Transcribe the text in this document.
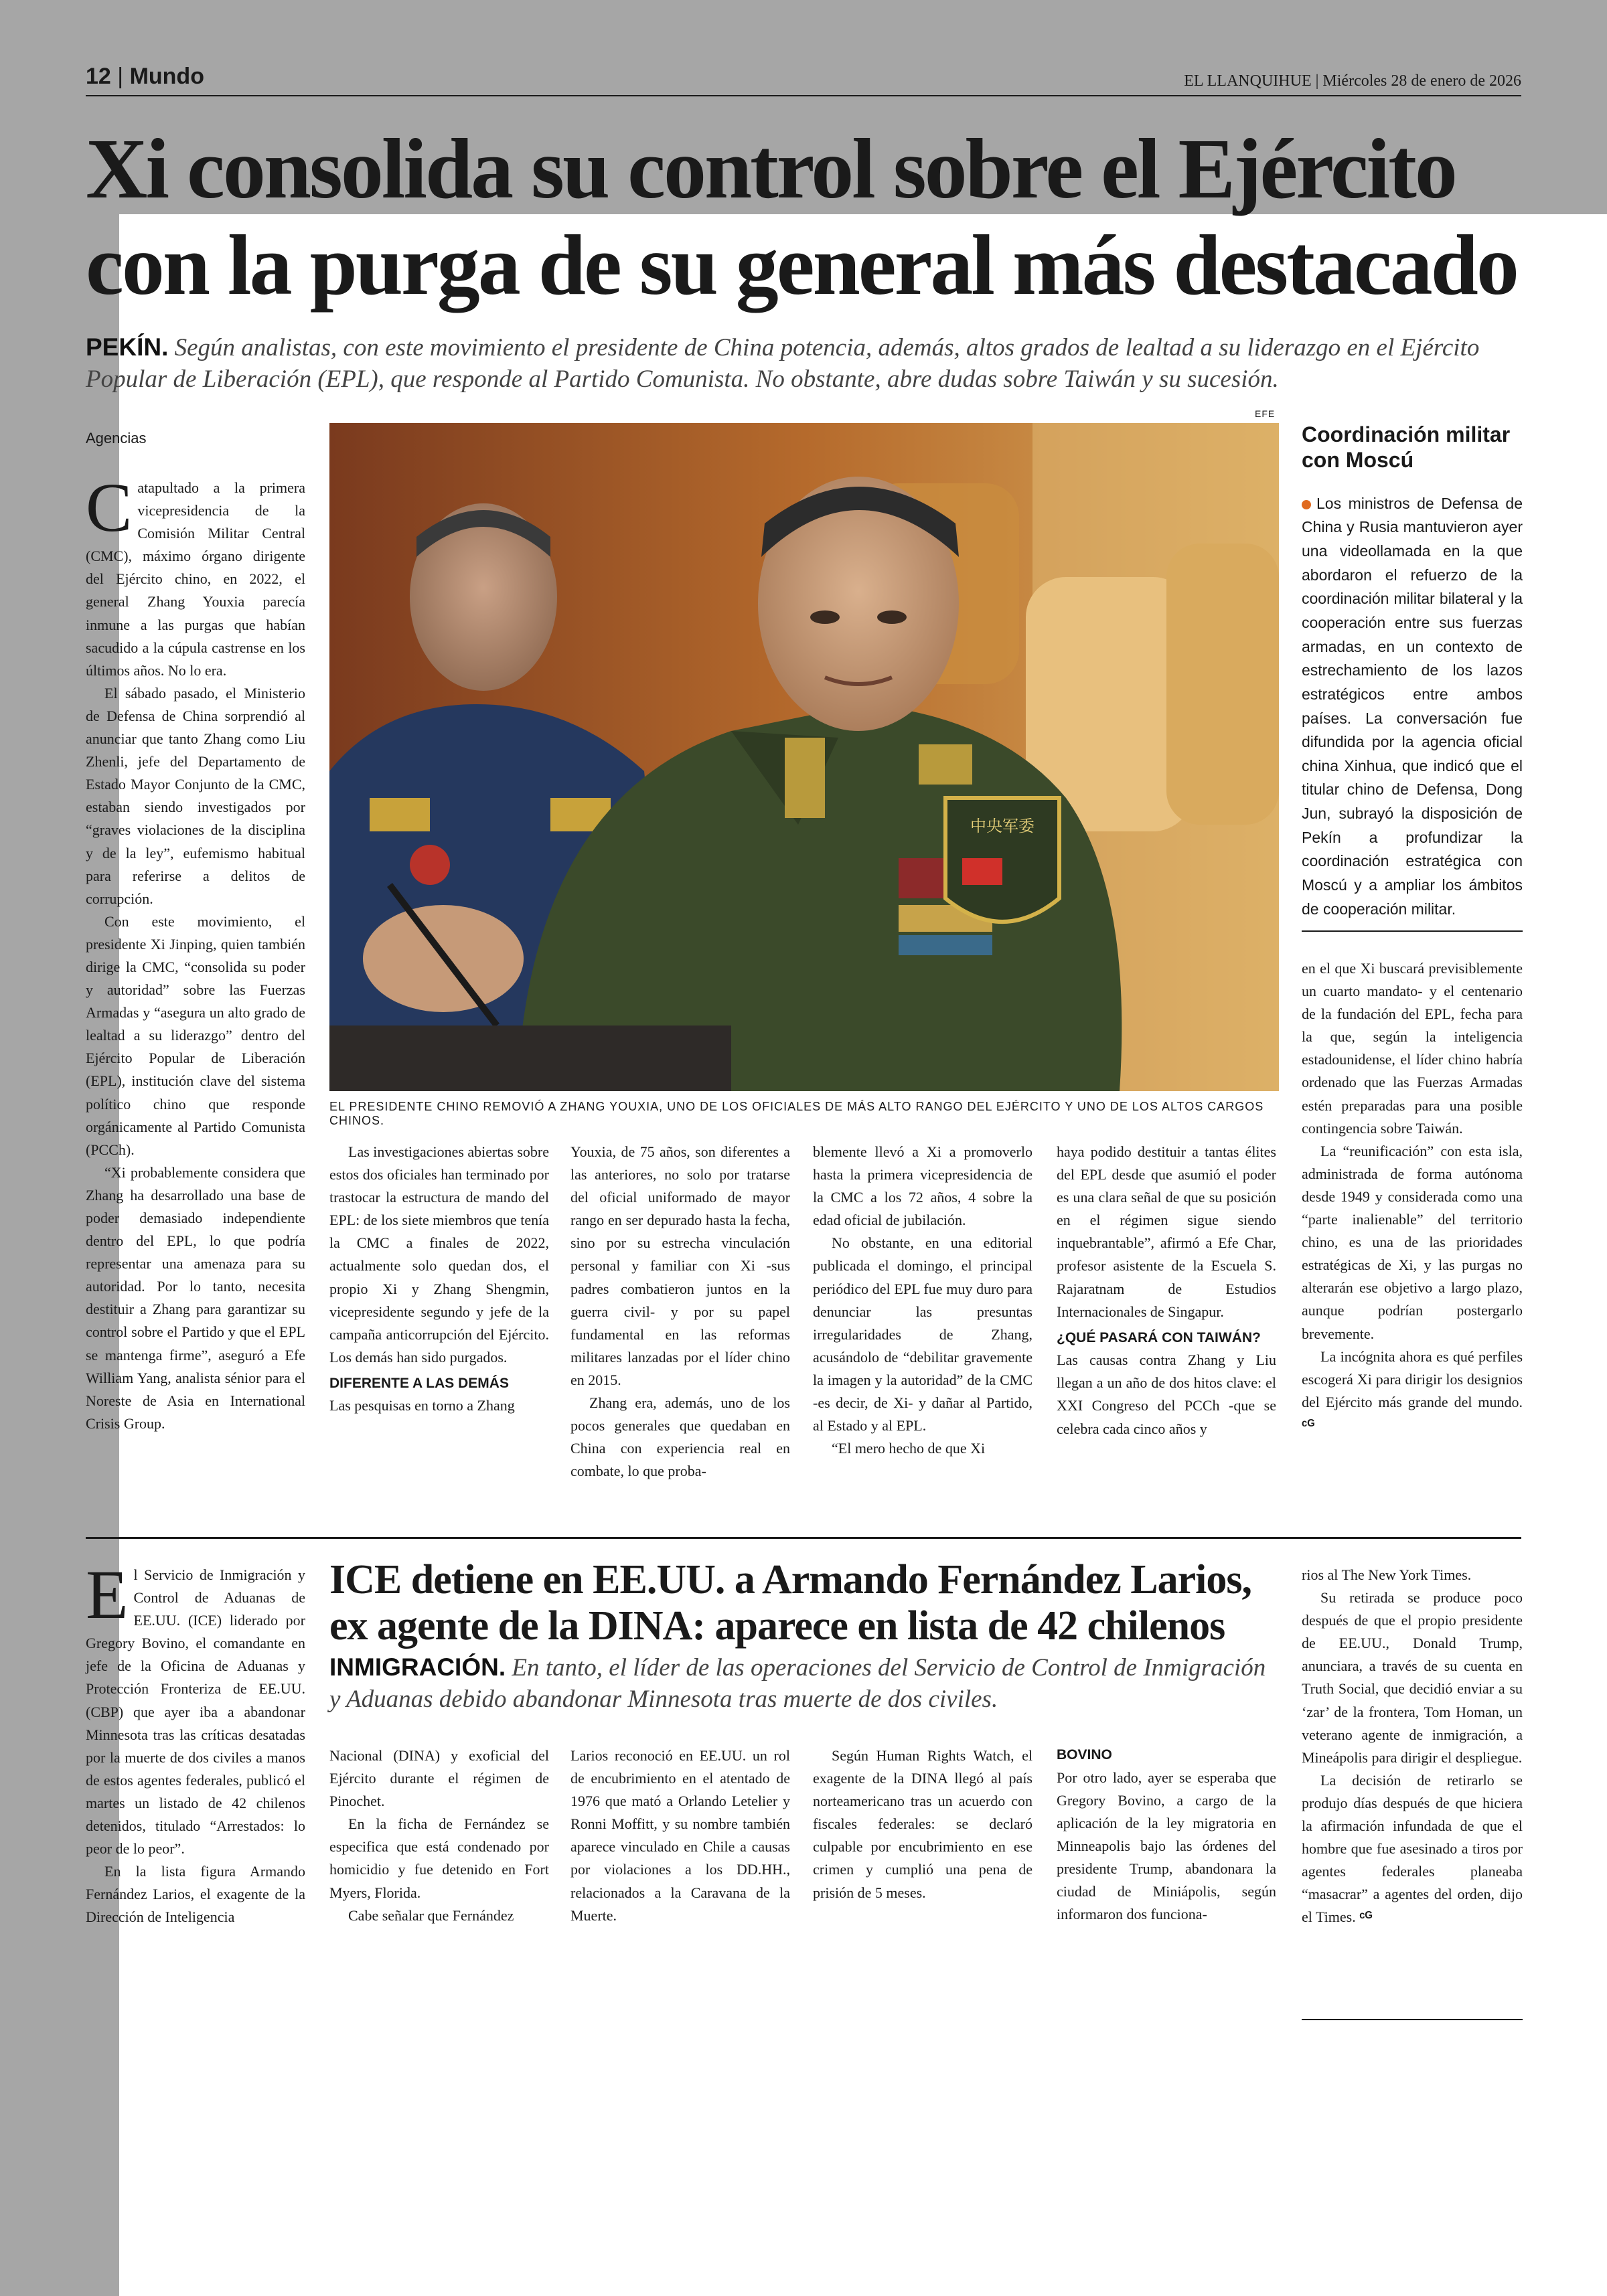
12 | Mundo	EL LLANQUIHUE | Miércoles 28 de enero de 2026
Xi consolida su control sobre el Ejército
con la purga de su general más destacado
PEKÍN. Según analistas, con este movimiento el presidente de China potencia, además, altos grados de lealtad a su liderazgo en el Ejército Popular de Liberación (EPL), que responde al Partido Comunista. No obstante, abre dudas sobre Taiwán y su sucesión.
Agencias
EFE
中央军委
EL PRESIDENTE CHINO REMOVIÓ A ZHANG YOUXIA, UNO DE LOS OFICIALES DE MÁS ALTO RANGO DEL EJÉRCITO Y UNO DE LOS ALTOS CARGOS CHINOS.

Catapultado a la primera vicepresidencia de la Comisión Militar Central (CMC), máximo órgano dirigente del Ejército chino, en 2022, el general Zhang Youxia parecía inmune a las purgas que habían sacudido a la cúpula castrense en los últimos años. No lo era.

El sábado pasado, el Ministerio de Defensa de China sorprendió al anunciar que tanto Zhang como Liu Zhenli, jefe del Departamento de Estado Mayor Conjunto de la CMC, estaban siendo investigados por “graves violaciones de la disciplina y de la ley”, eufemismo habitual para referirse a delitos de corrupción.

Con este movimiento, el presidente Xi Jinping, quien también dirige la CMC, “consolida su poder y autoridad” sobre las Fuerzas Armadas y “asegura un alto grado de lealtad a su liderazgo” dentro del Ejército Popular de Liberación (EPL), institución clave del sistema político chino que responde orgánicamente al Partido Comunista (PCCh).

“Xi probablemente considera que Zhang ha desarrollado una base de poder demasiado independiente dentro del EPL, lo que podría representar una amenaza para su autoridad. Por lo tanto, necesita destituir a Zhang para garantizar su control sobre el Partido y que el EPL se mantenga firme”, aseguró a Efe William Yang, analista sénior para el Noreste de Asia en International Crisis Group.

Las investigaciones abiertas sobre estos dos oficiales han terminado por trastocar la estructura de mando del EPL: de los siete miembros que tenía la CMC a finales de 2022, actualmente solo quedan dos, el propio Xi y Zhang Shengmin, vicepresidente segundo y jefe de la campaña anticorrupción del Ejército. Los demás han sido purgados.

DIFERENTE A LAS DEMÁS

Las pesquisas en torno a Zhang

Youxia, de 75 años, son diferentes a las anteriores, no solo por tratarse del oficial uniformado de mayor rango en ser depurado hasta la fecha, sino por su estrecha vinculación personal y familiar con Xi -sus padres combatieron juntos en la guerra civil- y por su papel fundamental en las reformas militares lanzadas por el líder chino en 2015.

Zhang era, además, uno de los pocos generales que quedaban en China con experiencia real en combate, lo que proba-

blemente llevó a Xi a promoverlo hasta la primera vicepresidencia de la CMC a los 72 años, 4 sobre la edad oficial de jubilación.

No obstante, en una editorial publicada el domingo, el principal periódico del EPL fue muy duro para denunciar las presuntas irregularidades de Zhang, acusándolo de “debilitar gravemente la imagen y la autoridad” de la CMC -es decir, de Xi- y dañar al Partido, al Estado y al EPL.

“El mero hecho de que Xi

haya podido destituir a tantas élites del EPL desde que asumió el poder es una clara señal de que su posición en el régimen sigue siendo inquebrantable”, afirmó a Efe Char, profesor asistente de la Escuela S. Rajaratnam de Estudios Internacionales de Singapur.

¿QUÉ PASARÁ CON TAIWÁN?

Las causas contra Zhang y Liu llegan a un año de dos hitos clave: el XXI Congreso del PCCh -que se celebra cada cinco años y

Coordinación militar con Moscú
Los ministros de Defensa de China y Rusia mantuvieron ayer una videollamada en la que abordaron el refuerzo de la coordinación militar bilateral y la cooperación entre sus fuerzas armadas, en un contexto de estrechamiento de los lazos estratégicos entre ambos países. La conversación fue difundida por la agencia oficial china Xinhua, que indicó que el titular chino de Defensa, Dong Jun, subrayó la disposición de Pekín a profundizar la coordinación estratégica con Moscú y a ampliar los ámbitos de cooperación militar.

en el que Xi buscará previsiblemente un cuarto mandato- y el centenario de la fundación del EPL, fecha para la que, según la inteligencia estadounidense, el líder chino habría ordenado que las Fuerzas Armadas estén preparadas para una posible contingencia sobre Taiwán.

La “reunificación” con esta isla, administrada de forma autónoma desde 1949 y considerada como una “parte inalienable” del territorio chino, es una de las prioridades estratégicas de Xi, y las purgas no alterarán ese objetivo a largo plazo, aunque podrían postergarlo brevemente.

La incógnita ahora es qué perfiles escogerá Xi para dirigir los designios del Ejército más grande del mundo. ᶜᴳ

El Servicio de Inmigración y Control de Aduanas de EE.UU. (ICE) liderado por Gregory Bovino, el comandante en jefe de la Oficina de Aduanas y Protección Fronteriza de EE.UU.(CBP) que ayer iba a abandonar Minnesota tras las críticas desatadas por la muerte de dos civiles a manos de estos agentes federales, publicó el martes un listado de 42 chilenos detenidos, titulado “Arrestados: lo peor de lo peor”.

En la lista figura Armando Fernández Larios, el exagente de la Dirección de Inteligencia

ICE detiene en EE.UU. a Armando Fernández Larios,
ex agente de la DINA: aparece en lista de 42 chilenos
INMIGRACIÓN. En tanto, el líder de las operaciones del Servicio de Control de Inmigración y Aduanas debido abandonar Minnesota tras muerte de dos civiles.

Nacional (DINA) y exoficial del Ejército durante el régimen de Pinochet.

En la ficha de Fernández se especifica que está condenado por homicidio y fue detenido en Fort Myers, Florida.

Cabe señalar que Fernández

Larios reconoció en EE.UU. un rol de encubrimiento en el atentado de 1976 que mató a Orlando Letelier y Ronni Moffitt, y su nombre también aparece vinculado en Chile a causas por violaciones a los DD.HH., relacionados a la Caravana de la Muerte.

Según Human Rights Watch, el exagente de la DINA llegó al país norteamericano tras un acuerdo con fiscales federales: se declaró culpable por encubrimiento en ese crimen y cumplió una pena de prisión de 5 meses.

BOVINO

Por otro lado, ayer se esperaba que Gregory Bovino, a cargo de la aplicación de la ley migratoria en Minneapolis bajo las órdenes del presidente Trump, abandonara la ciudad de Miniápolis, según informaron dos funciona-

rios al The New York Times.

Su retirada se produce poco después de que el propio presidente de EE.UU., Donald Trump, anunciara, a través de su cuenta en Truth Social, que decidió enviar a su ‘zar’ de la frontera, Tom Homan, un veterano agente de inmigración, a Mineápolis para dirigir el despliegue.

La decisión de retirarlo se produjo días después de que hiciera la afirmación infundada de que el hombre que fue asesinado a tiros por agentes federales planeaba “masacrar” a agentes del orden, dijo el Times. ᶜᴳ
